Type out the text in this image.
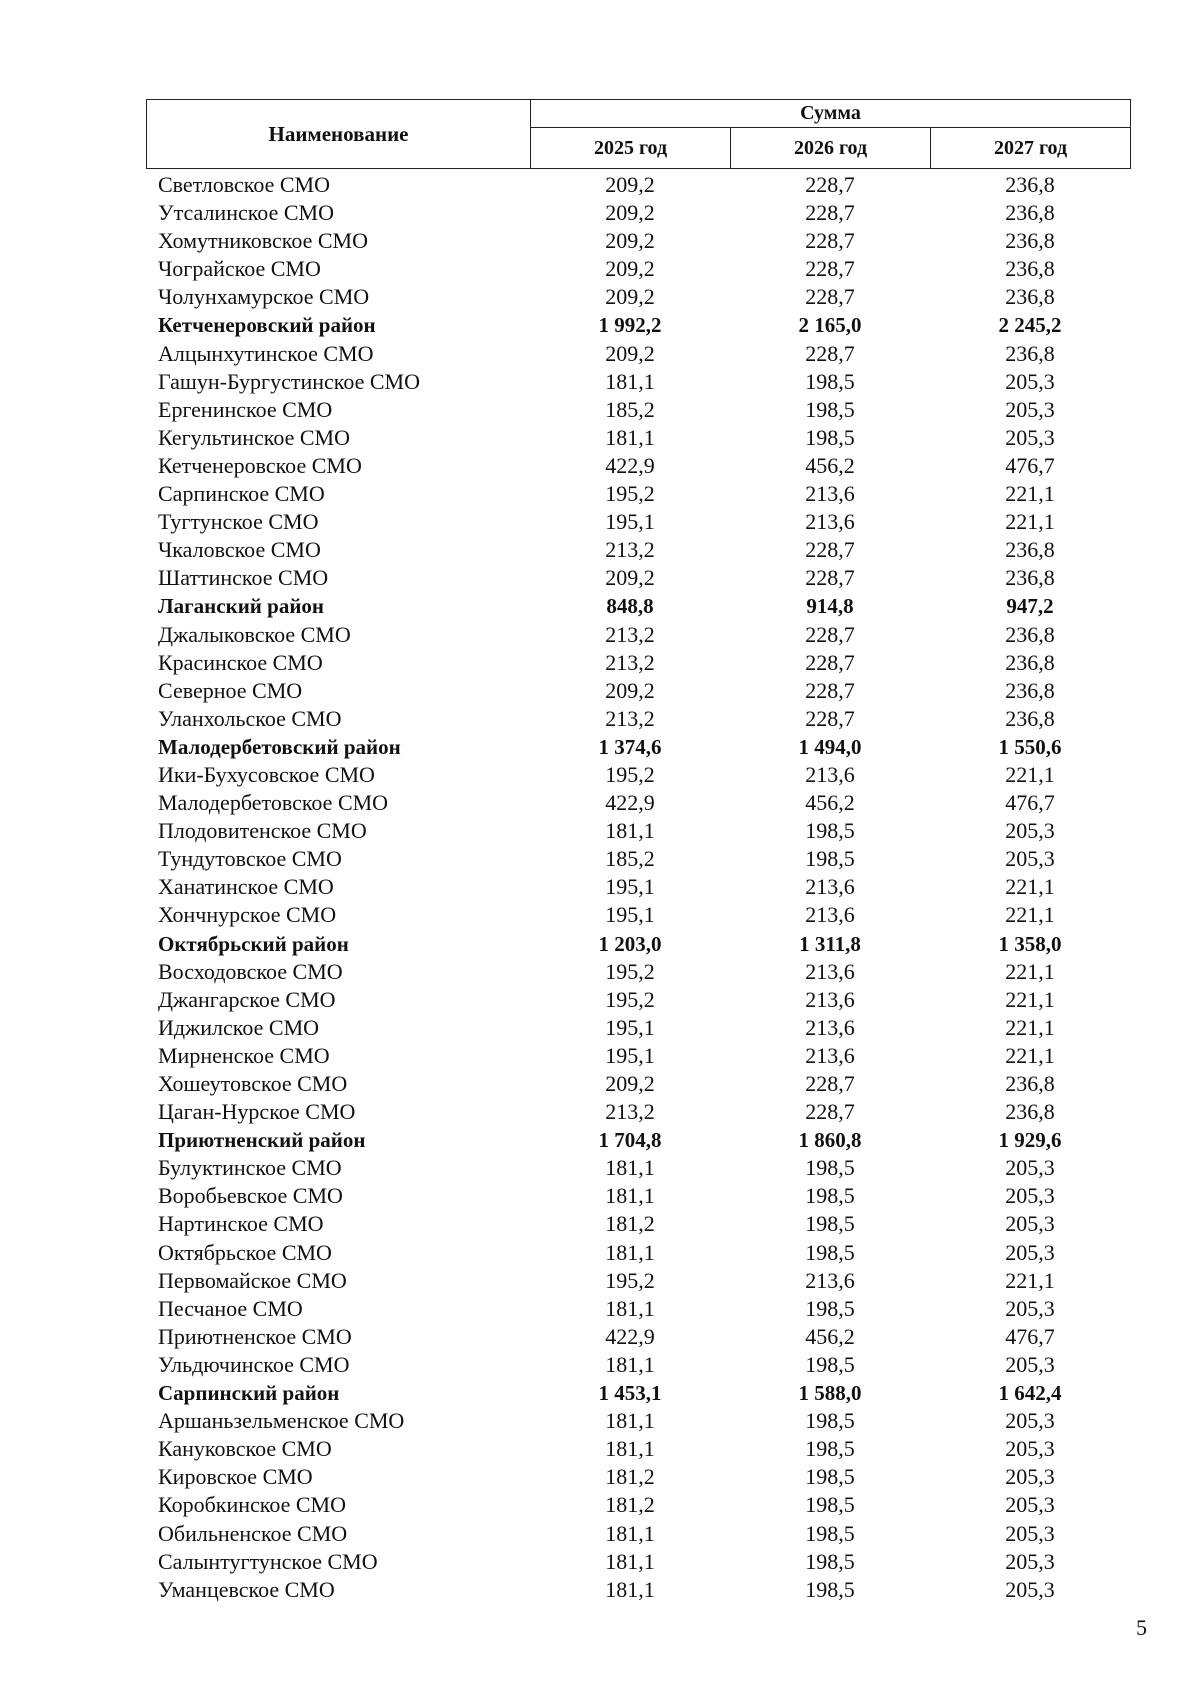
Наименование	Сумма		
	2025 год	2026 год	2027 год
Светловское СМО	209,2	228,7	236,8
Утсалинское СМО	209,2	228,7	236,8
Хомутниковское СМО	209,2	228,7	236,8
Чограйское СМО	209,2	228,7	236,8
Чолунхамурское СМО	209,2	228,7	236,8
Кетченеровский район	1 992,2	2 165,0	2 245,2
Алцынхутинское СМО	209,2	228,7	236,8
Гашун-Бургустинское СМО	181,1	198,5	205,3
Ергенинское СМО	185,2	198,5	205,3
Кегультинское СМО	181,1	198,5	205,3
Кетченеровское СМО	422,9	456,2	476,7
Сарпинское СМО	195,2	213,6	221,1
Тугтунское СМО	195,1	213,6	221,1
Чкаловское СМО	213,2	228,7	236,8
Шаттинское СМО	209,2	228,7	236,8
Лаганский район	848,8	914,8	947,2
Джалыковское СМО	213,2	228,7	236,8
Красинское СМО	213,2	228,7	236,8
Северное СМО	209,2	228,7	236,8
Уланхольское СМО	213,2	228,7	236,8
Малодербетовский район	1 374,6	1 494,0	1 550,6
Ики-Бухусовское СМО	195,2	213,6	221,1
Малодербетовское СМО	422,9	456,2	476,7
Плодовитенское СМО	181,1	198,5	205,3
Тундутовское СМО	185,2	198,5	205,3
Ханатинское СМО	195,1	213,6	221,1
Хончнурское СМО	195,1	213,6	221,1
Октябрьский район	1 203,0	1 311,8	1 358,0
Восходовское СМО	195,2	213,6	221,1
Джангарское СМО	195,2	213,6	221,1
Иджилское СМО	195,1	213,6	221,1
Мирненское СМО	195,1	213,6	221,1
Хошеутовское СМО	209,2	228,7	236,8
Цаган-Нурское СМО	213,2	228,7	236,8
Приютненский район	1 704,8	1 860,8	1 929,6
Булуктинское СМО	181,1	198,5	205,3
Воробьевское СМО	181,1	198,5	205,3
Нартинское СМО	181,2	198,5	205,3
Октябрьское СМО	181,1	198,5	205,3
Первомайское СМО	195,2	213,6	221,1
Песчаное СМО	181,1	198,5	205,3
Приютненское СМО	422,9	456,2	476,7
Ульдючинское СМО	181,1	198,5	205,3
Сарпинский район	1 453,1	1 588,0	1 642,4
Аршаньзельменское СМО	181,1	198,5	205,3
Кануковское СМО	181,1	198,5	205,3
Кировское СМО	181,2	198,5	205,3
Коробкинское СМО	181,2	198,5	205,3
Обильненское СМО	181,1	198,5	205,3
Салынтугтунское СМО	181,1	198,5	205,3
Уманцевское СМО	181,1	198,5	205,3
5
